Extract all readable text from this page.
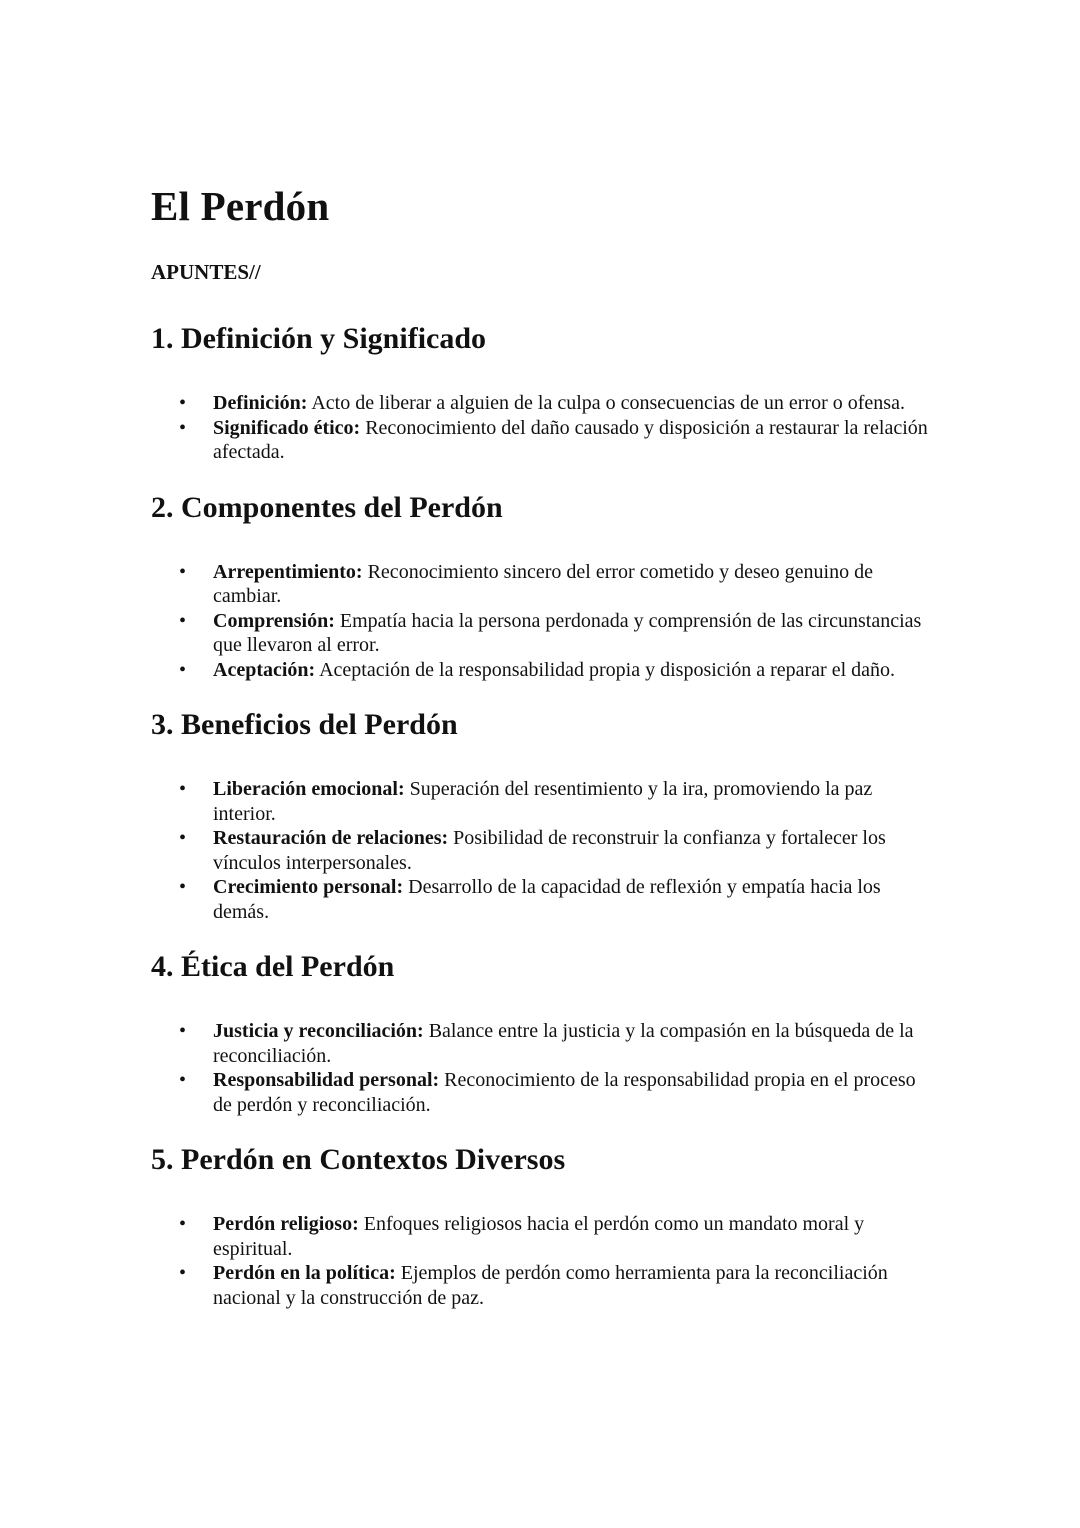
El Perdón
APUNTES//
1. Definición y Significado
• Definición: Acto de liberar a alguien de la culpa o consecuencias de un error o ofensa.
• Significado ético: Reconocimiento del daño causado y disposición a restaurar la relación afectada.
2. Componentes del Perdón
• Arrepentimiento: Reconocimiento sincero del error cometido y deseo genuino de cambiar.
• Comprensión: Empatía hacia la persona perdonada y comprensión de las circunstancias que llevaron al error.
• Aceptación: Aceptación de la responsabilidad propia y disposición a reparar el daño.
3. Beneficios del Perdón
• Liberación emocional: Superación del resentimiento y la ira, promoviendo la paz interior.
• Restauración de relaciones: Posibilidad de reconstruir la confianza y fortalecer los vínculos interpersonales.
• Crecimiento personal: Desarrollo de la capacidad de reflexión y empatía hacia los demás.
4. Ética del Perdón
• Justicia y reconciliación: Balance entre la justicia y la compasión en la búsqueda de la reconciliación.
• Responsabilidad personal: Reconocimiento de la responsabilidad propia en el proceso de perdón y reconciliación.
5. Perdón en Contextos Diversos
• Perdón religioso: Enfoques religiosos hacia el perdón como un mandato moral y espiritual.
• Perdón en la política: Ejemplos de perdón como herramienta para la reconciliación nacional y la construcción de paz.
